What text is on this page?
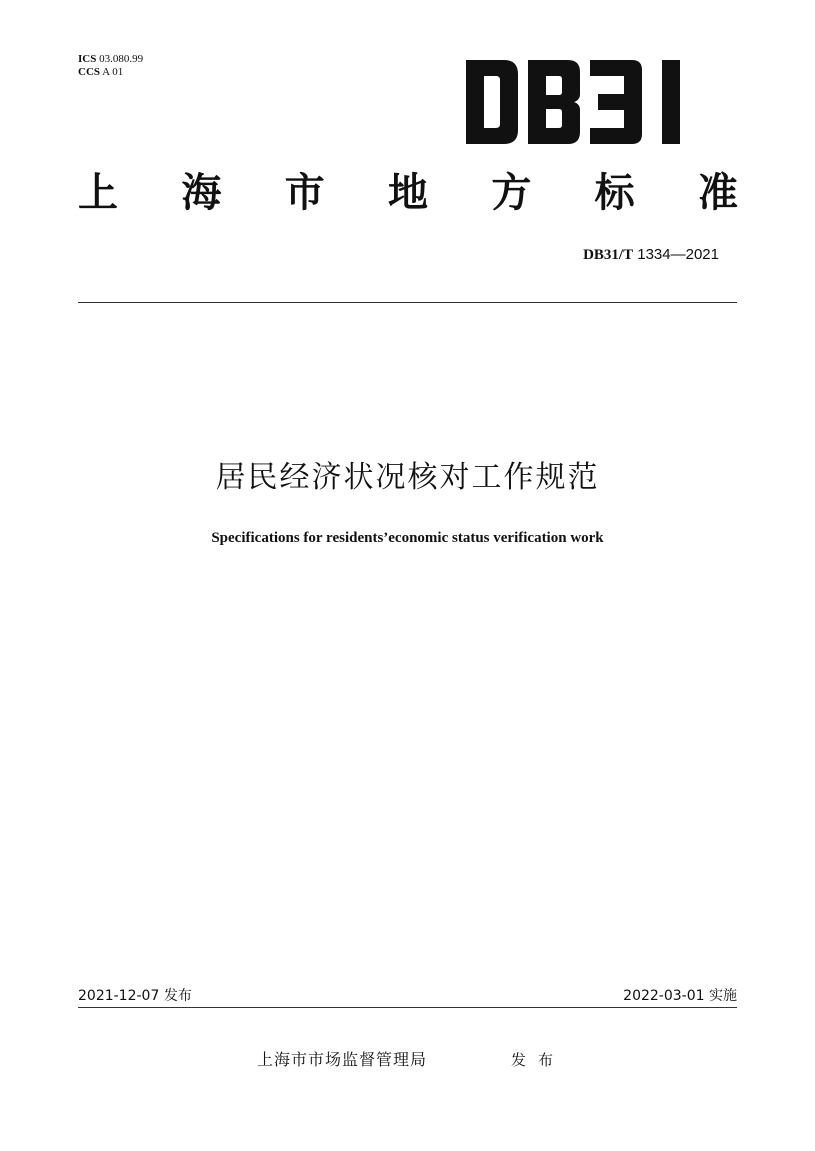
ICS 03.080.99
CCS A 01
上 海 市 地 方 标 准
DB31/T 1334—2021
居民经济状况核对工作规范
Specifications for residents’economic status verification work
2021-12-07 发布	2022-03-01 实施
上海市市场监督管理局	发布
